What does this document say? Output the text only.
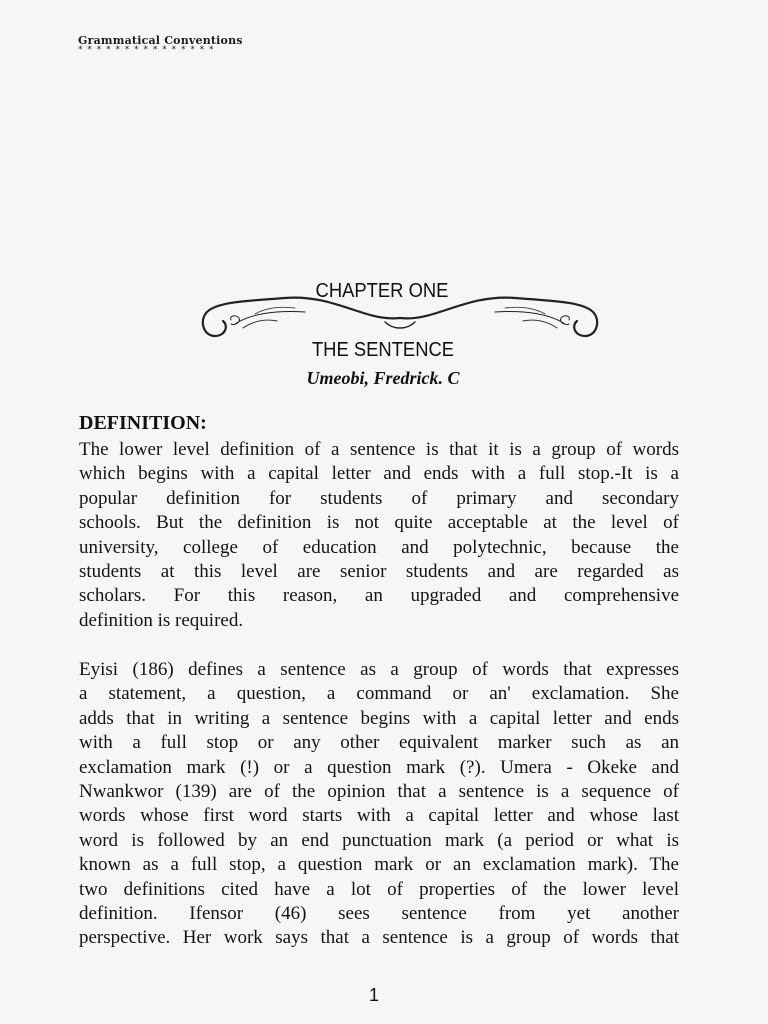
Grammatical Conventions
* * * * * * * * * * * * * * *
CHAPTER ONE
THE SENTENCE
Umeobi, Fredrick. C
DEFINITION:
The lower level definition of a sentence is that it is a group of words
which begins with a capital letter and ends with a full stop.-It is a
popular definition for students of primary and secondary
schools. But the definition is not quite acceptable at the level of
university, college of education and polytechnic, because the
students at this level are senior students and are regarded as
scholars. For this reason, an upgraded and comprehensive
definition is required.
Eyisi (186) defines a sentence as a group of words that expresses
a statement, a question, a command or an' exclamation. She
adds that in writing a sentence begins with a capital letter and ends
with a full stop or any other equivalent marker such as an
exclamation mark (!) or a question mark (?). Umera - Okeke and
Nwankwor (139) are of the opinion that a sentence is a sequence of
words whose first word starts with a capital letter and whose last
word is followed by an end punctuation mark (a period or what is
known as a full stop, a question mark or an exclamation mark). The
two definitions cited have a lot of properties of the lower level
definition. Ifensor (46) sees sentence from yet another
perspective. Her work says that a sentence is a group of words that
1
